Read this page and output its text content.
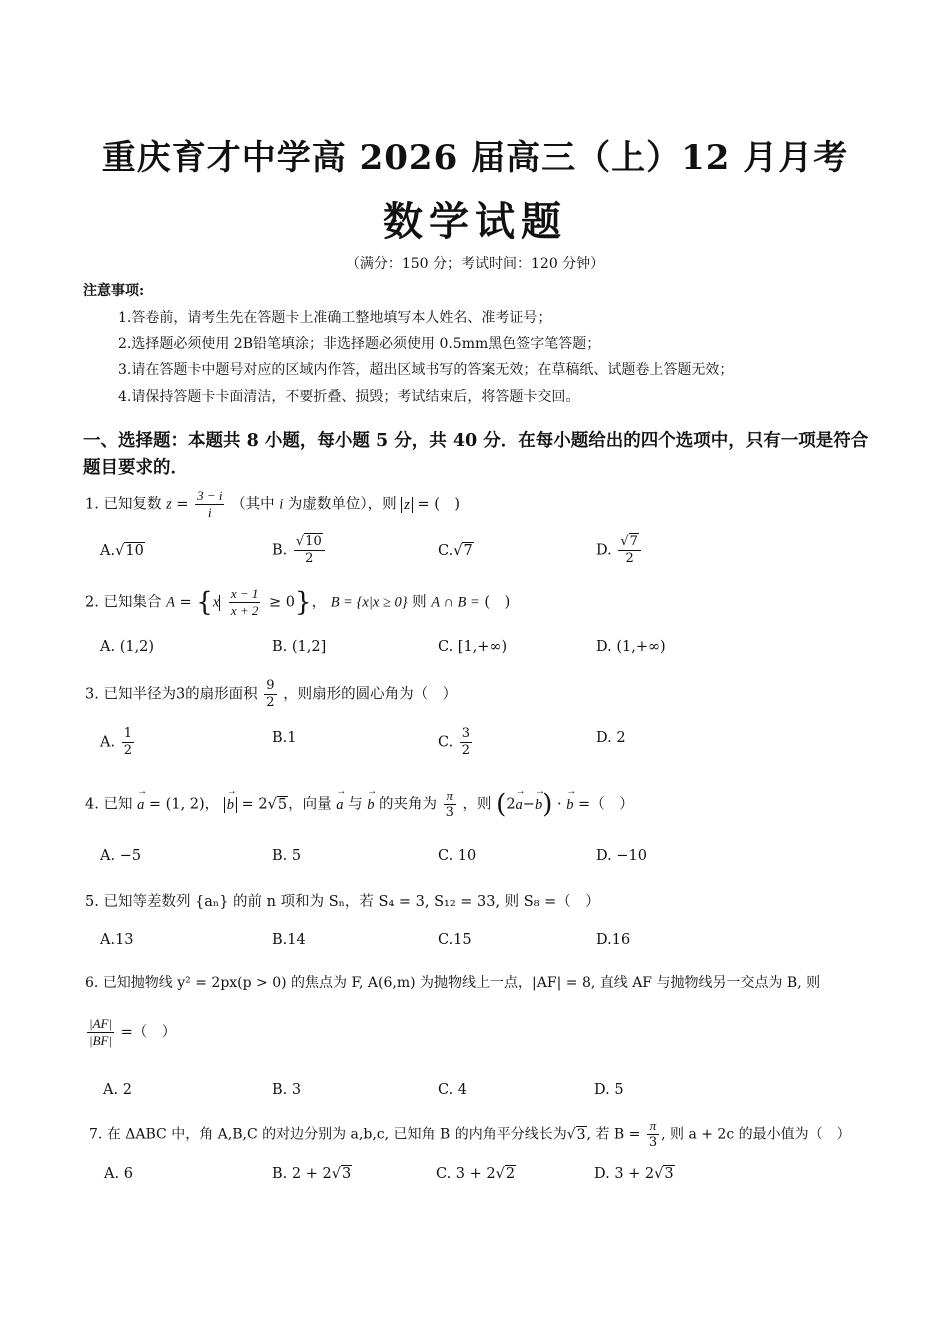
重庆育才中学高 2026 届高三（上）12 月月考
数学试题
（满分：150 分；考试时间：120 分钟）
注意事项:
1.答卷前，请考生先在答题卡上准确工整地填写本人姓名、准考证号；
2.选择题必须使用 2B铅笔填涂；非选择题必须使用 0.5mm黑色签字笔答题；
3.请在答题卡中题号对应的区域内作答，超出区域书写的答案无效；在草稿纸、试题卷上答题无效；
4.请保持答题卡卡面清洁，不要折叠、损毁；考试结束后，将答题卡交回。
一、选择题：本题共 8 小题，每小题 5 分，共 40 分．在每小题给出的四个选项中，只有一项是符合题目要求的．
1. 已知复数 $z = \frac{3 - i}{i}$ （其中 i 为虚数单位），则 z = (　)
A.√10	B. $\frac{√10}{2}$	C.√7	D. $\frac{√7}{2}$
2. 已知集合 $A = \{x \frac{x - 1}{x + 2} \ge 0\}$， B = {x|x ≥ 0} 则 A ∩ B = (　)
A. (1,2)	B. (1,2]	C. [1,+∞)	D. (1,+∞)
3. 已知半径为3的扇形面积 $\frac{9}{2}$ ，则扇形的圆心角为（　）
A. $\frac{1}{2}$	B.1	C. $\frac{3}{2}$	D. 2
4. 已知 → a = (1, 2)， → b = 2√5，向量 → a 与 → b 的夹角为 $\frac{\pi}{3}$ ，则 (2→ a−→ b) · → b =（　）
A. −5	B. 5	C. 10	D. −10
5. 已知等差数列 {aₙ} 的前 n 项和为 Sₙ，若 S₄ = 3, S₁₂ = 33, 则 S₈ =（　）
A.13	B.14	C.15	D.16
6. 已知抛物线 y² = 2px(p > 0) 的焦点为 F, A(6,m) 为抛物线上一点，|AF| = 8, 直线 AF 与抛物线另一交点为 B, 则
$\frac{|AF|}{|BF|}$ =（　）
A. 2	B. 3	C. 4	D. 5
7. 在 ΔABC 中，角 A,B,C 的对边分别为 a,b,c, 已知角 B 的内角平分线长为√3, 若 $B = \frac{\pi}{3}$ , 则 a + 2c 的最小值为（　）
A. 6	B. 2 + 2√3	C. 3 + 2√2	D. 3 + 2√3
